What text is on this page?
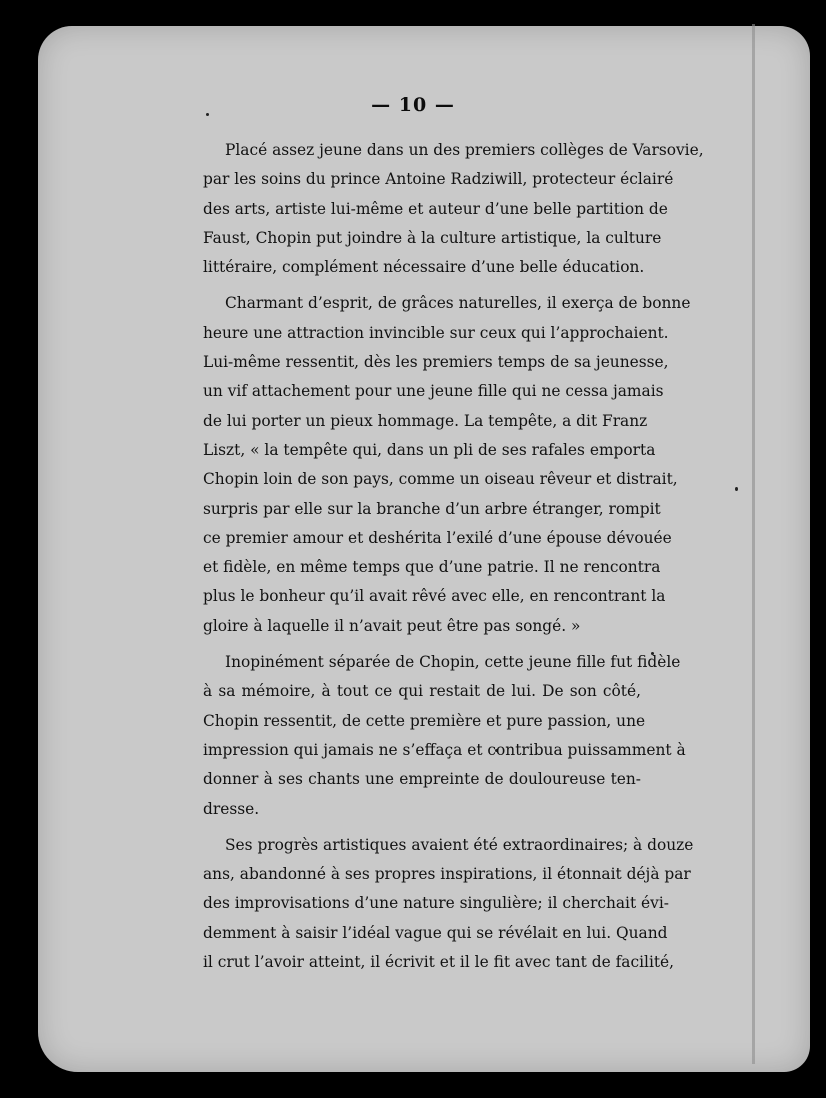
— 10 —

Placé assez jeune dans un des premiers collèges de Varsovie,
par les soins du prince Antoine Radziwill, protecteur éclairé
des arts, artiste lui-même et auteur d’une belle partition de
Faust, Chopin put joindre à la culture artistique, la culture
littéraire, complément nécessaire d’une belle éducation.

Charmant d’esprit, de grâces naturelles, il exerça de bonne
heure une attraction invincible sur ceux qui l’approchaient.
Lui-même ressentit, dès les premiers temps de sa jeunesse,
un vif attachement pour une jeune fille qui ne cessa jamais
de lui porter un pieux hommage. La tempête, a dit Franz
Liszt, « la tempête qui, dans un pli de ses rafales emporta
Chopin loin de son pays, comme un oiseau rêveur et distrait,
surpris par elle sur la branche d’un arbre étranger, rompit
ce premier amour et deshérita l’exilé d’une épouse dévouée
et fidèle, en même temps que d’une patrie. Il ne rencontra
plus le bonheur qu’il avait rêvé avec elle, en rencontrant la
gloire à laquelle il n’avait peut être pas songé. »

Inopinément séparée de Chopin, cette jeune fille fut fidèle
à sa mémoire, à tout ce qui restait de lui. De son côté,
Chopin ressentit, de cette première et pure passion, une
impression qui jamais ne s’effaça et contribua puissamment à
donner à ses chants une empreinte de douloureuse ten-
dresse.

Ses progrès artistiques avaient été extraordinaires; à douze
ans, abandonné à ses propres inspirations, il étonnait déjà par
des improvisations d’une nature singulière; il cherchait évi-
demment à saisir l’idéal vague qui se révélait en lui. Quand
il crut l’avoir atteint, il écrivit et il le fit avec tant de facilité,
